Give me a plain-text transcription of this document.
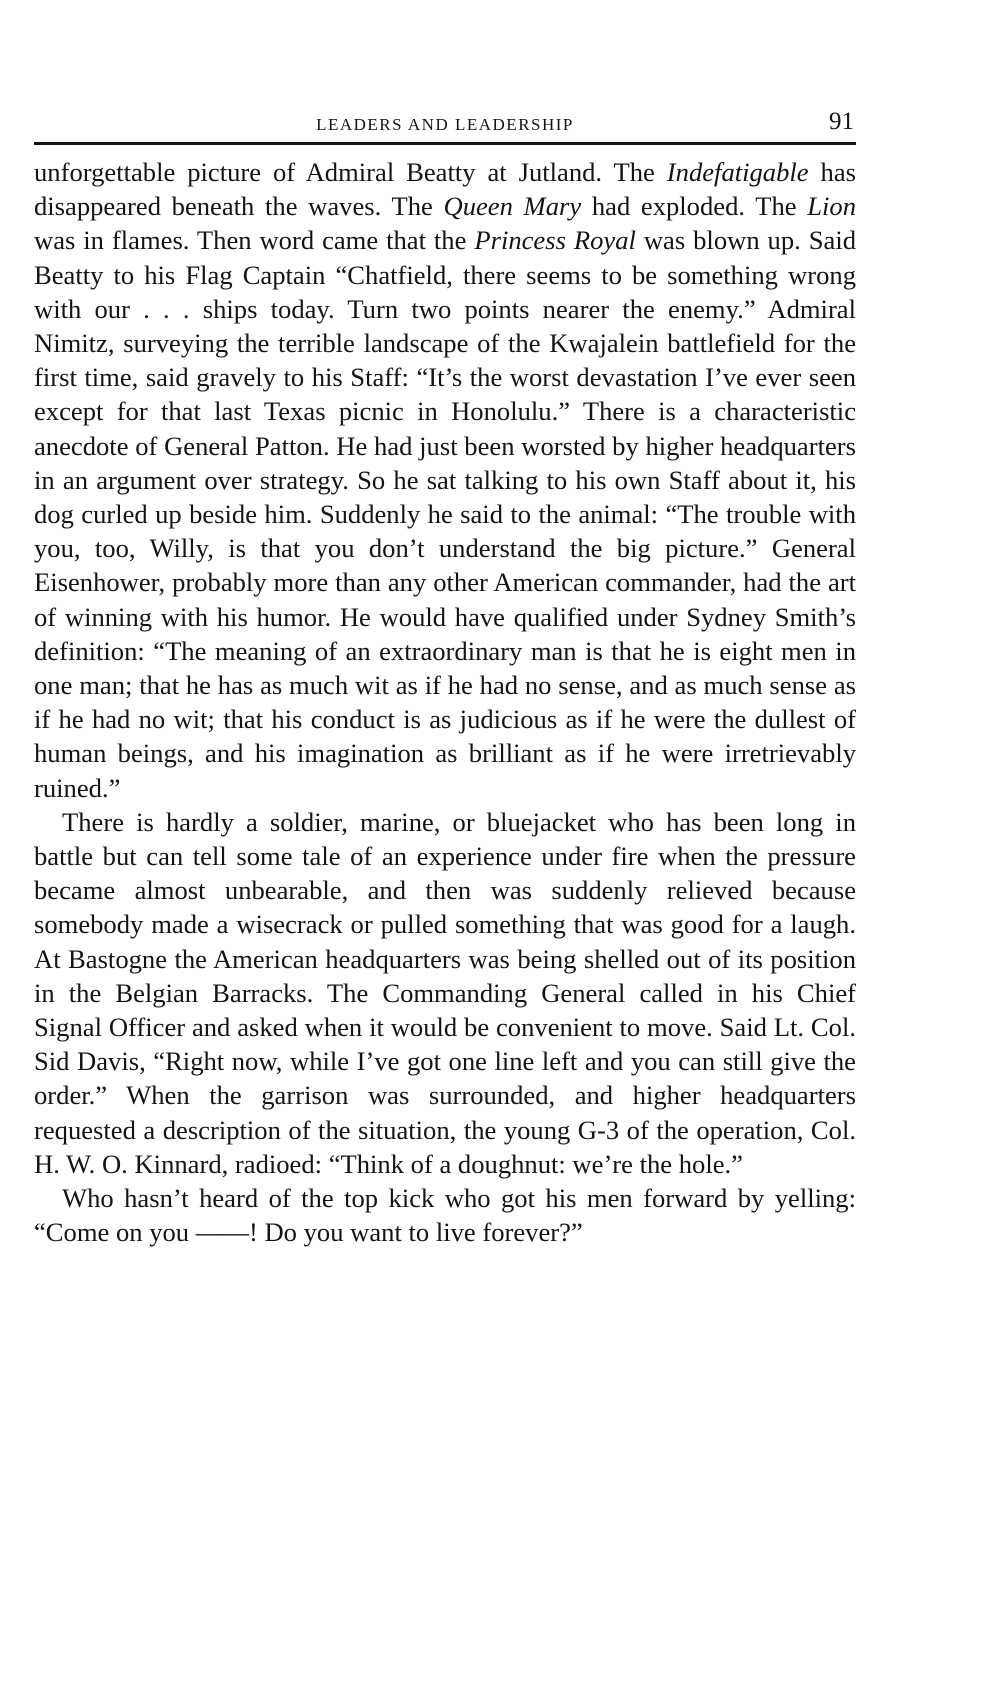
LEADERS AND LEADERSHIP	91

unforgettable picture of Admiral Beatty at Jutland. The Indefatigable has disappeared beneath the waves. The Queen Mary had exploded. The Lion was in flames. Then word came that the Princess Royal was blown up. Said Beatty to his Flag Captain “Chatfield, there seems to be something wrong with our . . . ships today. Turn two points nearer the enemy.” Admiral Nimitz, surveying the terrible landscape of the Kwajalein battlefield for the first time, said gravely to his Staff: “It’s the worst devastation I’ve ever seen except for that last Texas picnic in Honolulu.” There is a characteristic anecdote of General Patton. He had just been worsted by higher headquarters in an argument over strategy. So he sat talking to his own Staff about it, his dog curled up beside him. Suddenly he said to the animal: “The trouble with you, too, Willy, is that you don’t understand the big picture.” General Eisenhower, probably more than any other American commander, had the art of winning with his humor. He would have qualified under Sydney Smith’s definition: “The meaning of an extraordinary man is that he is eight men in one man; that he has as much wit as if he had no sense, and as much sense as if he had no wit; that his conduct is as judicious as if he were the dullest of human beings, and his imagination as brilliant as if he were irretrievably ruined.”

There is hardly a soldier, marine, or bluejacket who has been long in battle but can tell some tale of an experience under fire when the pressure became almost unbearable, and then was suddenly relieved because somebody made a wisecrack or pulled something that was good for a laugh. At Bastogne the American headquarters was being shelled out of its position in the Belgian Barracks. The Commanding General called in his Chief Signal Officer and asked when it would be convenient to move. Said Lt. Col. Sid Davis, “Right now, while I’ve got one line left and you can still give the order.” When the garrison was surrounded, and higher headquarters requested a description of the situation, the young G-3 of the operation, Col. H. W. O. Kinnard, radioed: “Think of a doughnut: we’re the hole.”

Who hasn’t heard of the top kick who got his men forward by yelling: “Come on you ——! Do you want to live forever?”
